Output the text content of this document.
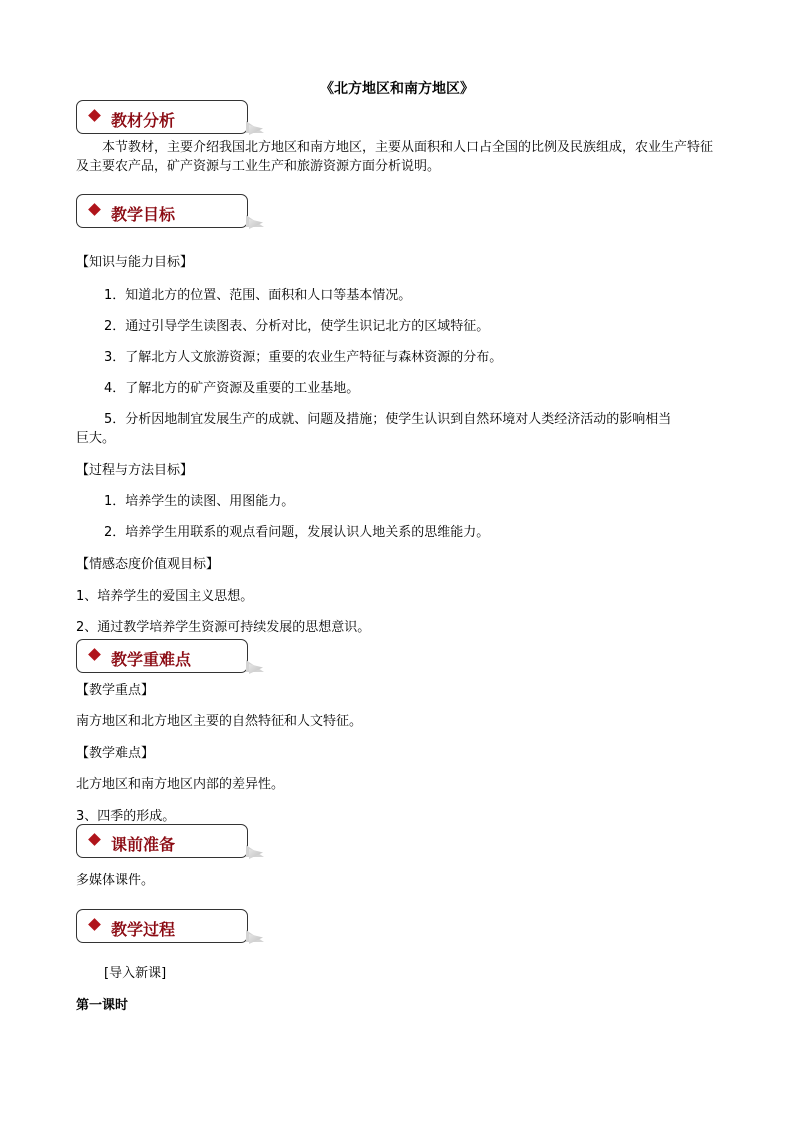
《北方地区和南方地区》
教材分析
本节教材，主要介绍我国北方地区和南方地区，主要从面积和人口占全国的比例及民族组成，农业生产特征及主要农产品，矿产资源与工业生产和旅游资源方面分析说明。
教学目标
【知识与能力目标】
1．知道北方的位置、范围、面积和人口等基本情况。
2．通过引导学生读图表、分析对比，使学生识记北方的区域特征。
3．了解北方人文旅游资源；重要的农业生产特征与森林资源的分布。
4．了解北方的矿产资源及重要的工业基地。
5．分析因地制宜发展生产的成就、问题及措施；使学生认识到自然环境对人类经济活动的影响相当
巨大。
【过程与方法目标】
1．培养学生的读图、用图能力。
2．培养学生用联系的观点看问题，发展认识人地关系的思维能力。
【情感态度价值观目标】
1、培养学生的爱国主义思想。
2、通过教学培养学生资源可持续发展的思想意识。
教学重难点
【教学重点】
南方地区和北方地区主要的自然特征和人文特征。
【教学难点】
北方地区和南方地区内部的差异性。
3、四季的形成。
课前准备
多媒体课件。
教学过程
[导入新课]
第一课时
